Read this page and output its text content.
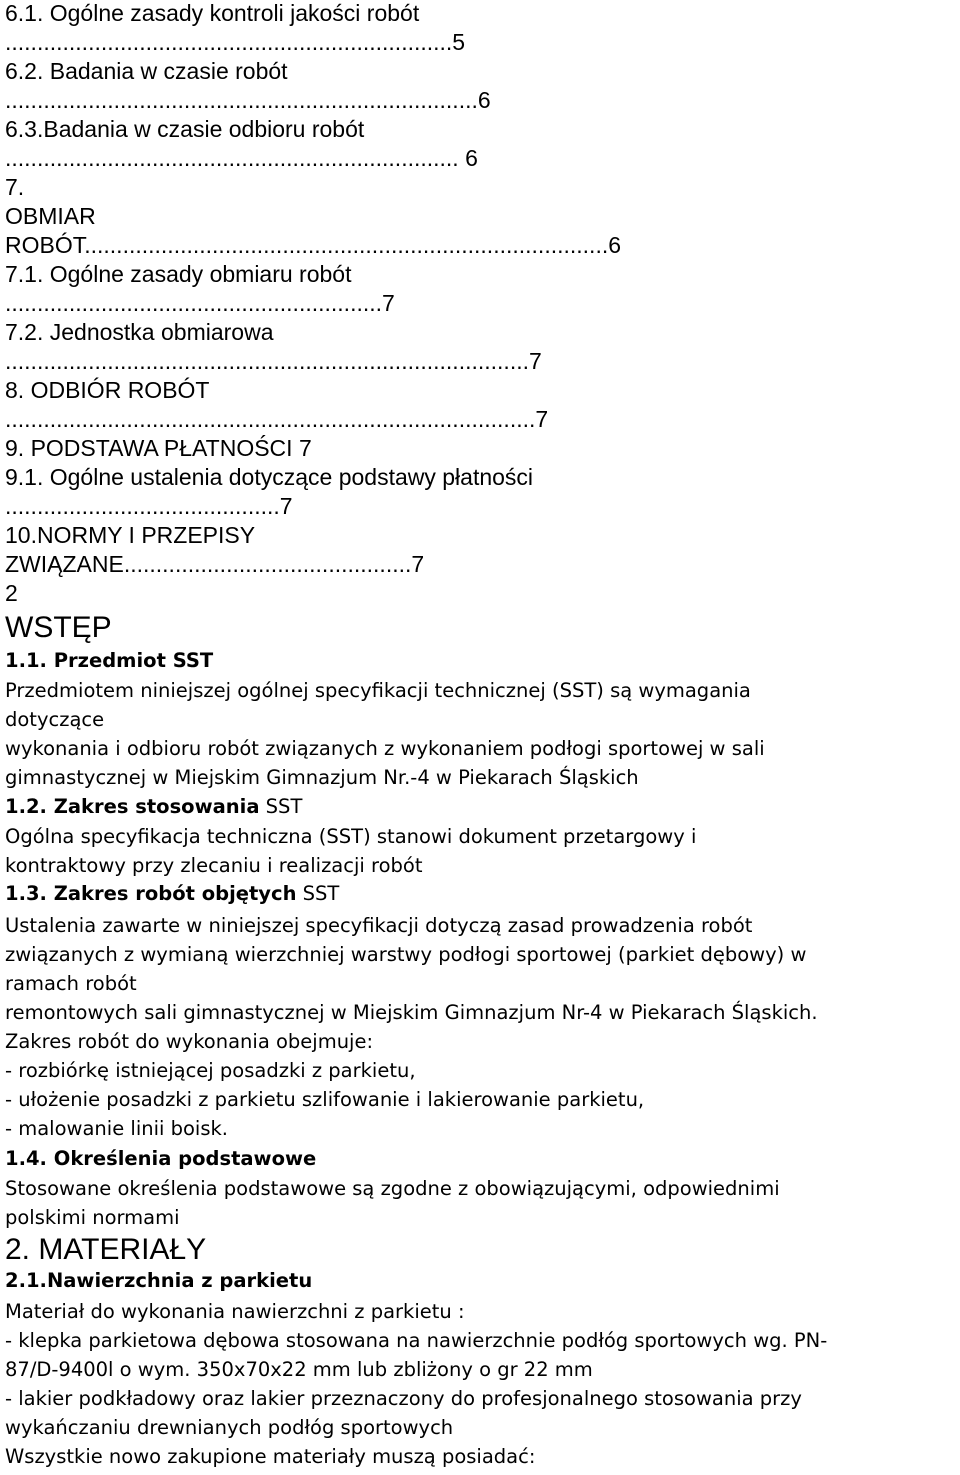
6.1. Ogólne zasady kontroli jakości robót

......................................................................5

6.2. Badania w czasie robót

..........................................................................6

6.3.Badania w czasie odbioru robót

....................................................................... 6

7.

OBMIAR

ROBÓT..................................................................................6

7.1. Ogólne zasady obmiaru robót

...........................................................7

7.2. Jednostka obmiarowa

..................................................................................7

8. ODBIÓR ROBÓT

...................................................................................7

9. PODSTAWA PŁATNOŚCI 7

9.1. Ogólne ustalenia dotyczące podstawy płatności

...........................................7

10.NORMY I PRZEPISY

ZWIĄZANE.............................................7

2

WSTĘP

1.1. Przedmiot SST

Przedmiotem niniejszej ogólnej specyfikacji technicznej (SST) są wymagania

dotyczące

wykonania i odbioru robót związanych z wykonaniem podłogi sportowej w sali

gimnastycznej w Miejskim Gimnazjum Nr.-4 w Piekarach Śląskich

1.2. Zakres stosowania SST

Ogólna specyfikacja techniczna (SST) stanowi dokument przetargowy i

kontraktowy przy zlecaniu i realizacji robót

1.3. Zakres robót objętych SST

Ustalenia zawarte w niniejszej specyfikacji dotyczą zasad prowadzenia robót

związanych z wymianą wierzchniej warstwy podłogi sportowej (parkiet dębowy) w

ramach robót

remontowych sali gimnastycznej w Miejskim Gimnazjum Nr-4 w Piekarach Śląskich.

Zakres robót do wykonania obejmuje:

- rozbiórkę istniejącej posadzki z parkietu,

- ułożenie posadzki z parkietu szlifowanie i lakierowanie parkietu,

- malowanie linii boisk.

1.4. Określenia podstawowe

Stosowane określenia podstawowe są zgodne z obowiązującymi, odpowiednimi

polskimi normami

2. MATERIAŁY

2.1.Nawierzchnia z parkietu

Materiał do wykonania nawierzchni z parkietu :

- klepka parkietowa dębowa stosowana na nawierzchnie podłóg sportowych wg. PN-

87/D-9400l o wym. 350x70x22 mm lub zbliżony o gr 22 mm

- lakier podkładowy oraz lakier przeznaczony do profesjonalnego stosowania przy

wykańczaniu drewnianych podłóg sportowych

Wszystkie nowo zakupione materiały muszą posiadać:
